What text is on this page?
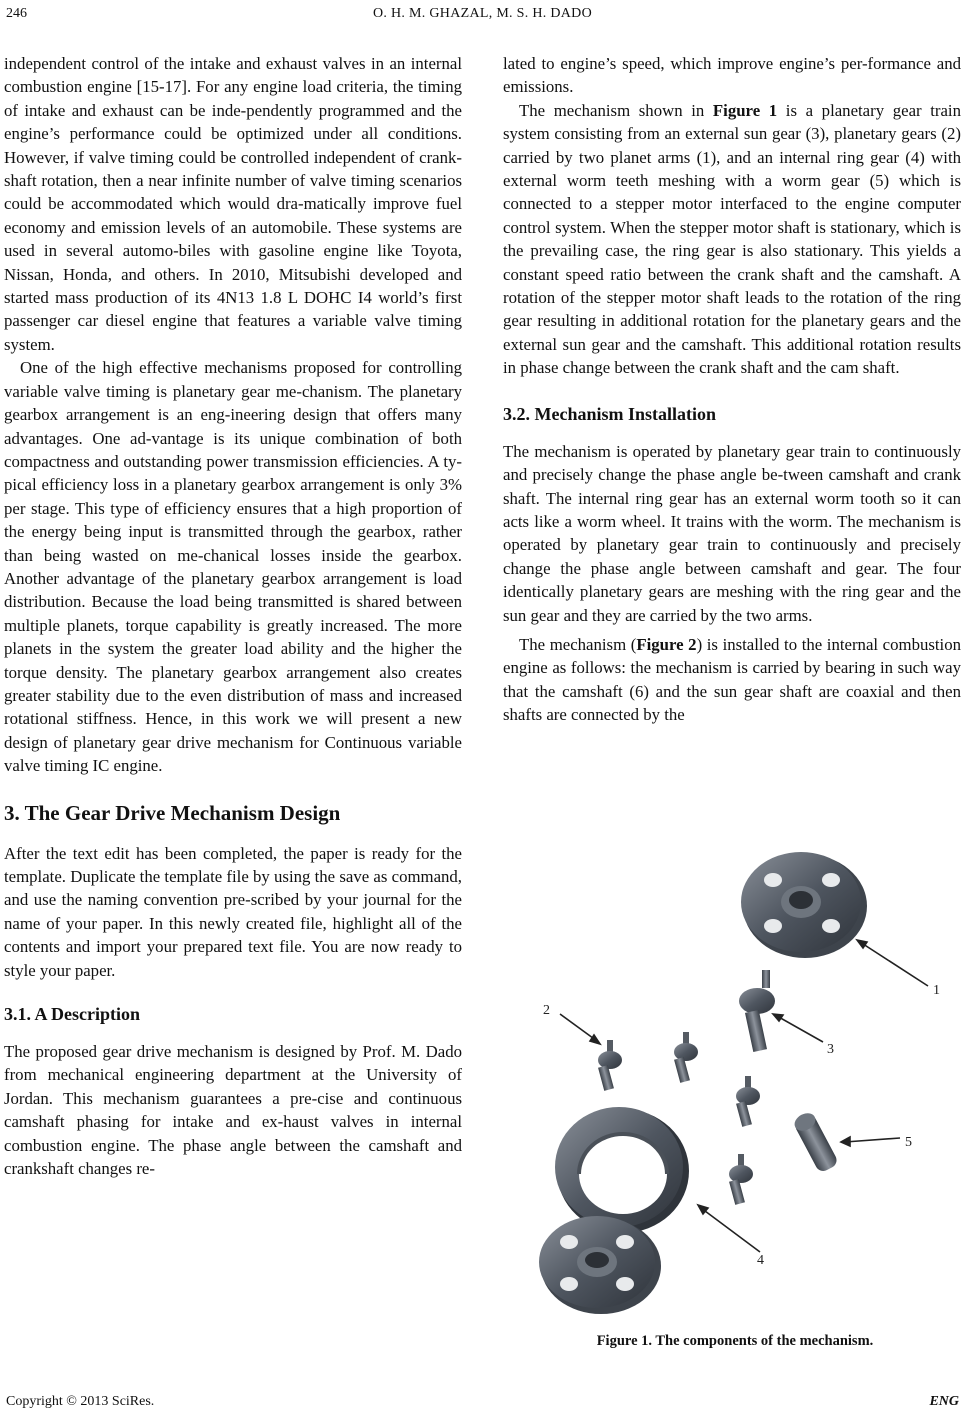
246	O. H. M. GHAZAL, M. S. H. DADO

independent control of the intake and exhaust valves in an internal combustion engine [15-17]. For any engine load criteria, the timing of intake and exhaust can be inde-pendently programmed and the engine’s performance could be optimized under all conditions. However, if valve timing could be controlled independent of crank-shaft rotation, then a near infinite number of valve timing scenarios could be accommodated which would dra-matically improve fuel economy and emission levels of an automobile. These systems are used in several automo-biles with gasoline engine like Toyota, Nissan, Honda, and others. In 2010, Mitsubishi developed and started mass production of its 4N13 1.8 L DOHC I4 world’s first passenger car diesel engine that features a variable valve timing system.

One of the high effective mechanisms proposed for controlling variable valve timing is planetary gear me-chanism. The planetary gearbox arrangement is an eng-ineering design that offers many advantages. One ad-vantage is its unique combination of both compactness and outstanding power transmission efficiencies. A ty-pical efficiency loss in a planetary gearbox arrangement is only 3% per stage. This type of efficiency ensures that a high proportion of the energy being input is transmitted through the gearbox, rather than being wasted on me-chanical losses inside the gearbox. Another advantage of the planetary gearbox arrangement is load distribution. Because the load being transmitted is shared between multiple planets, torque capability is greatly increased. The more planets in the system the greater load ability and the higher the torque density. The planetary gearbox arrangement also creates greater stability due to the even distribution of mass and increased rotational stiffness. Hence, in this work we will present a new design of planetary gear drive mechanism for Continuous variable valve timing IC engine.

3. The Gear Drive Mechanism Design

After the text edit has been completed, the paper is ready for the template. Duplicate the template file by using the save as command, and use the naming convention pre-scribed by your journal for the name of your paper. In this newly created file, highlight all of the contents and import your prepared text file. You are now ready to style your paper.

3.1. A Description

The proposed gear drive mechanism is designed by Prof. M. Dado from mechanical engineering department at the University of Jordan. This mechanism guarantees a pre-cise and continuous camshaft phasing for intake and ex-haust valves in internal combustion engine. The phase angle between the camshaft and crankshaft changes re-

lated to engine’s speed, which improve engine’s per-formance and emissions.

The mechanism shown in Figure 1 is a planetary gear train system consisting from an external sun gear (3), planetary gears (2) carried by two planet arms (1), and an internal ring gear (4) with external worm teeth meshing with a worm gear (5) which is connected to a stepper motor interfaced to the engine computer control system. When the stepper motor shaft is stationary, which is the prevailing case, the ring gear is also stationary. This yields a constant speed ratio between the crank shaft and the camshaft. A rotation of the stepper motor shaft leads to the rotation of the ring gear resulting in additional rotation for the planetary gears and the external sun gear and the camshaft. This additional rotation results in phase change between the crank shaft and the cam shaft.

3.2. Mechanism Installation

The mechanism is operated by planetary gear train to continuously and precisely change the phase angle be-tween camshaft and crank shaft. The internal ring gear has an external worm tooth so it can acts like a worm wheel. It trains with the worm. The mechanism is operated by planetary gear train to continuously and precisely change the phase angle between camshaft and gear. The four identically planetary gears are meshing with the ring gear and the sun gear and they are carried by the two arms.

The mechanism (Figure 2) is installed to the internal combustion engine as follows: the mechanism is carried by bearing in such way that the camshaft (6) and the sun gear shaft are coaxial and then shafts are connected by the

1
2
3
4
5
Figure 1. The components of the mechanism.
Copyright © 2013 SciRes.	ENG
